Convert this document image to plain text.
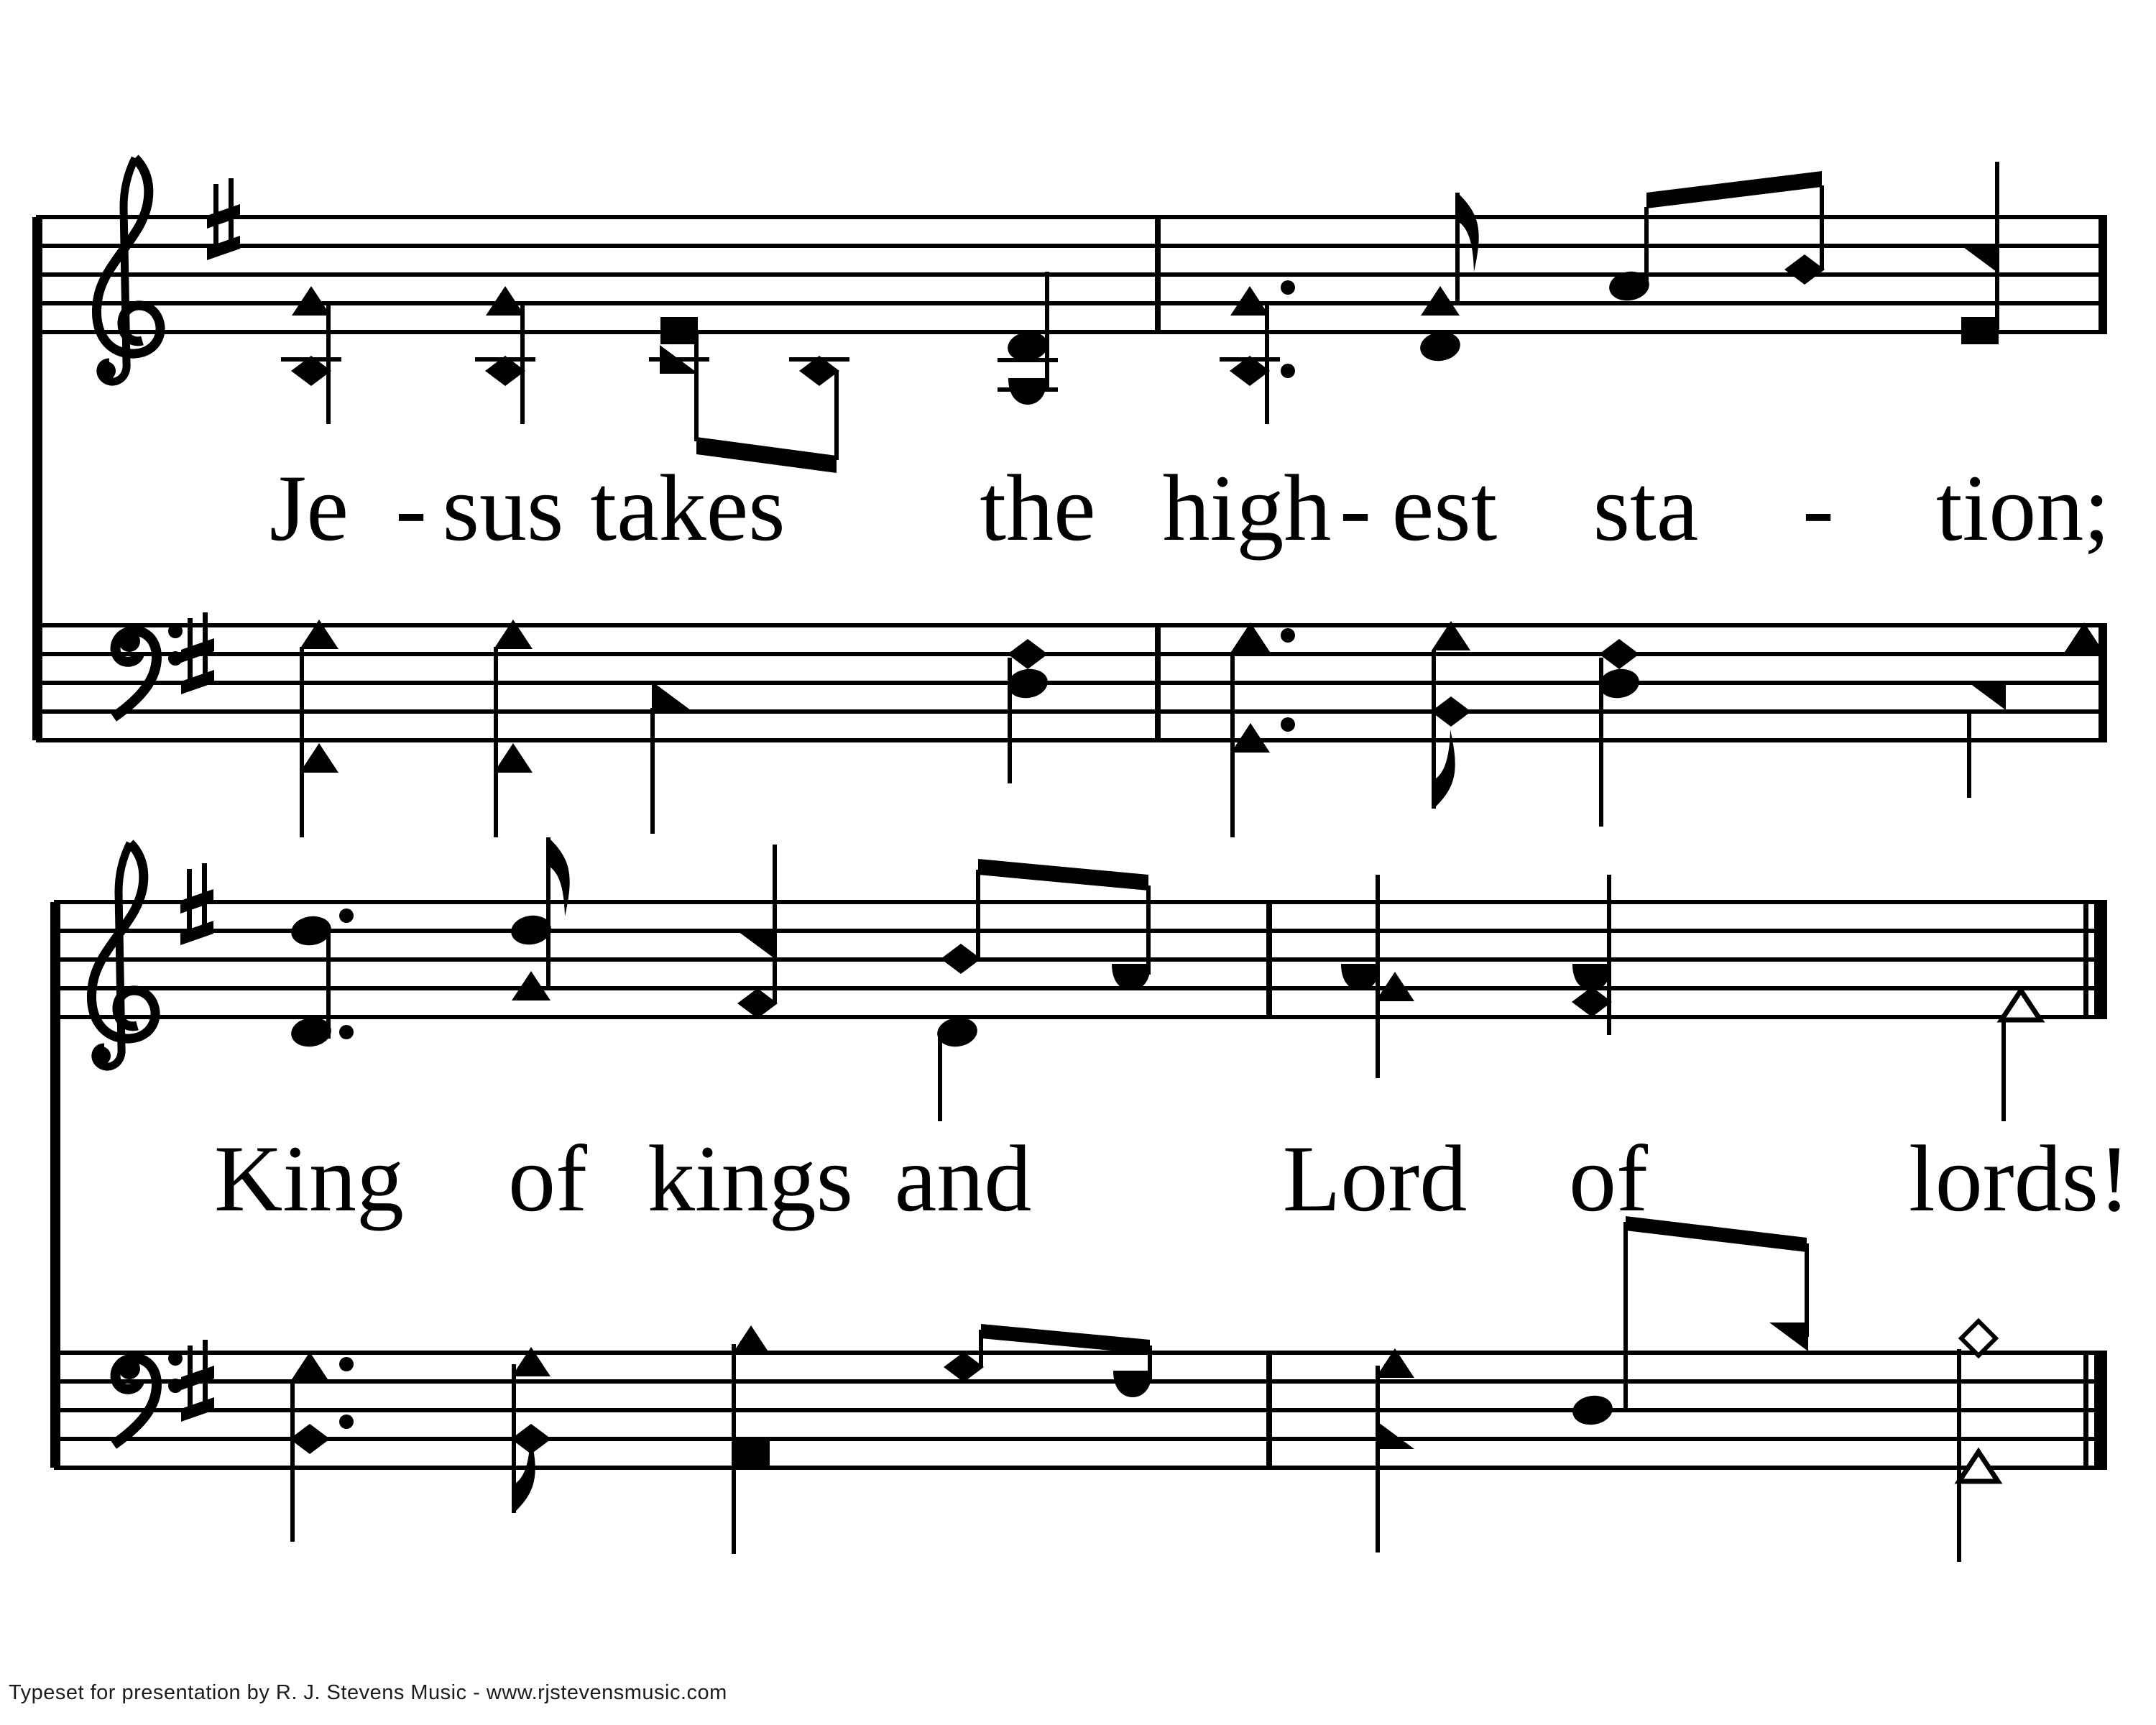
Je - sus takes the high - est sta - tion;
King of kings and	Lord of	lords!
Typeset for presentation by R. J. Stevens Music - www.rjstevensmusic.com
